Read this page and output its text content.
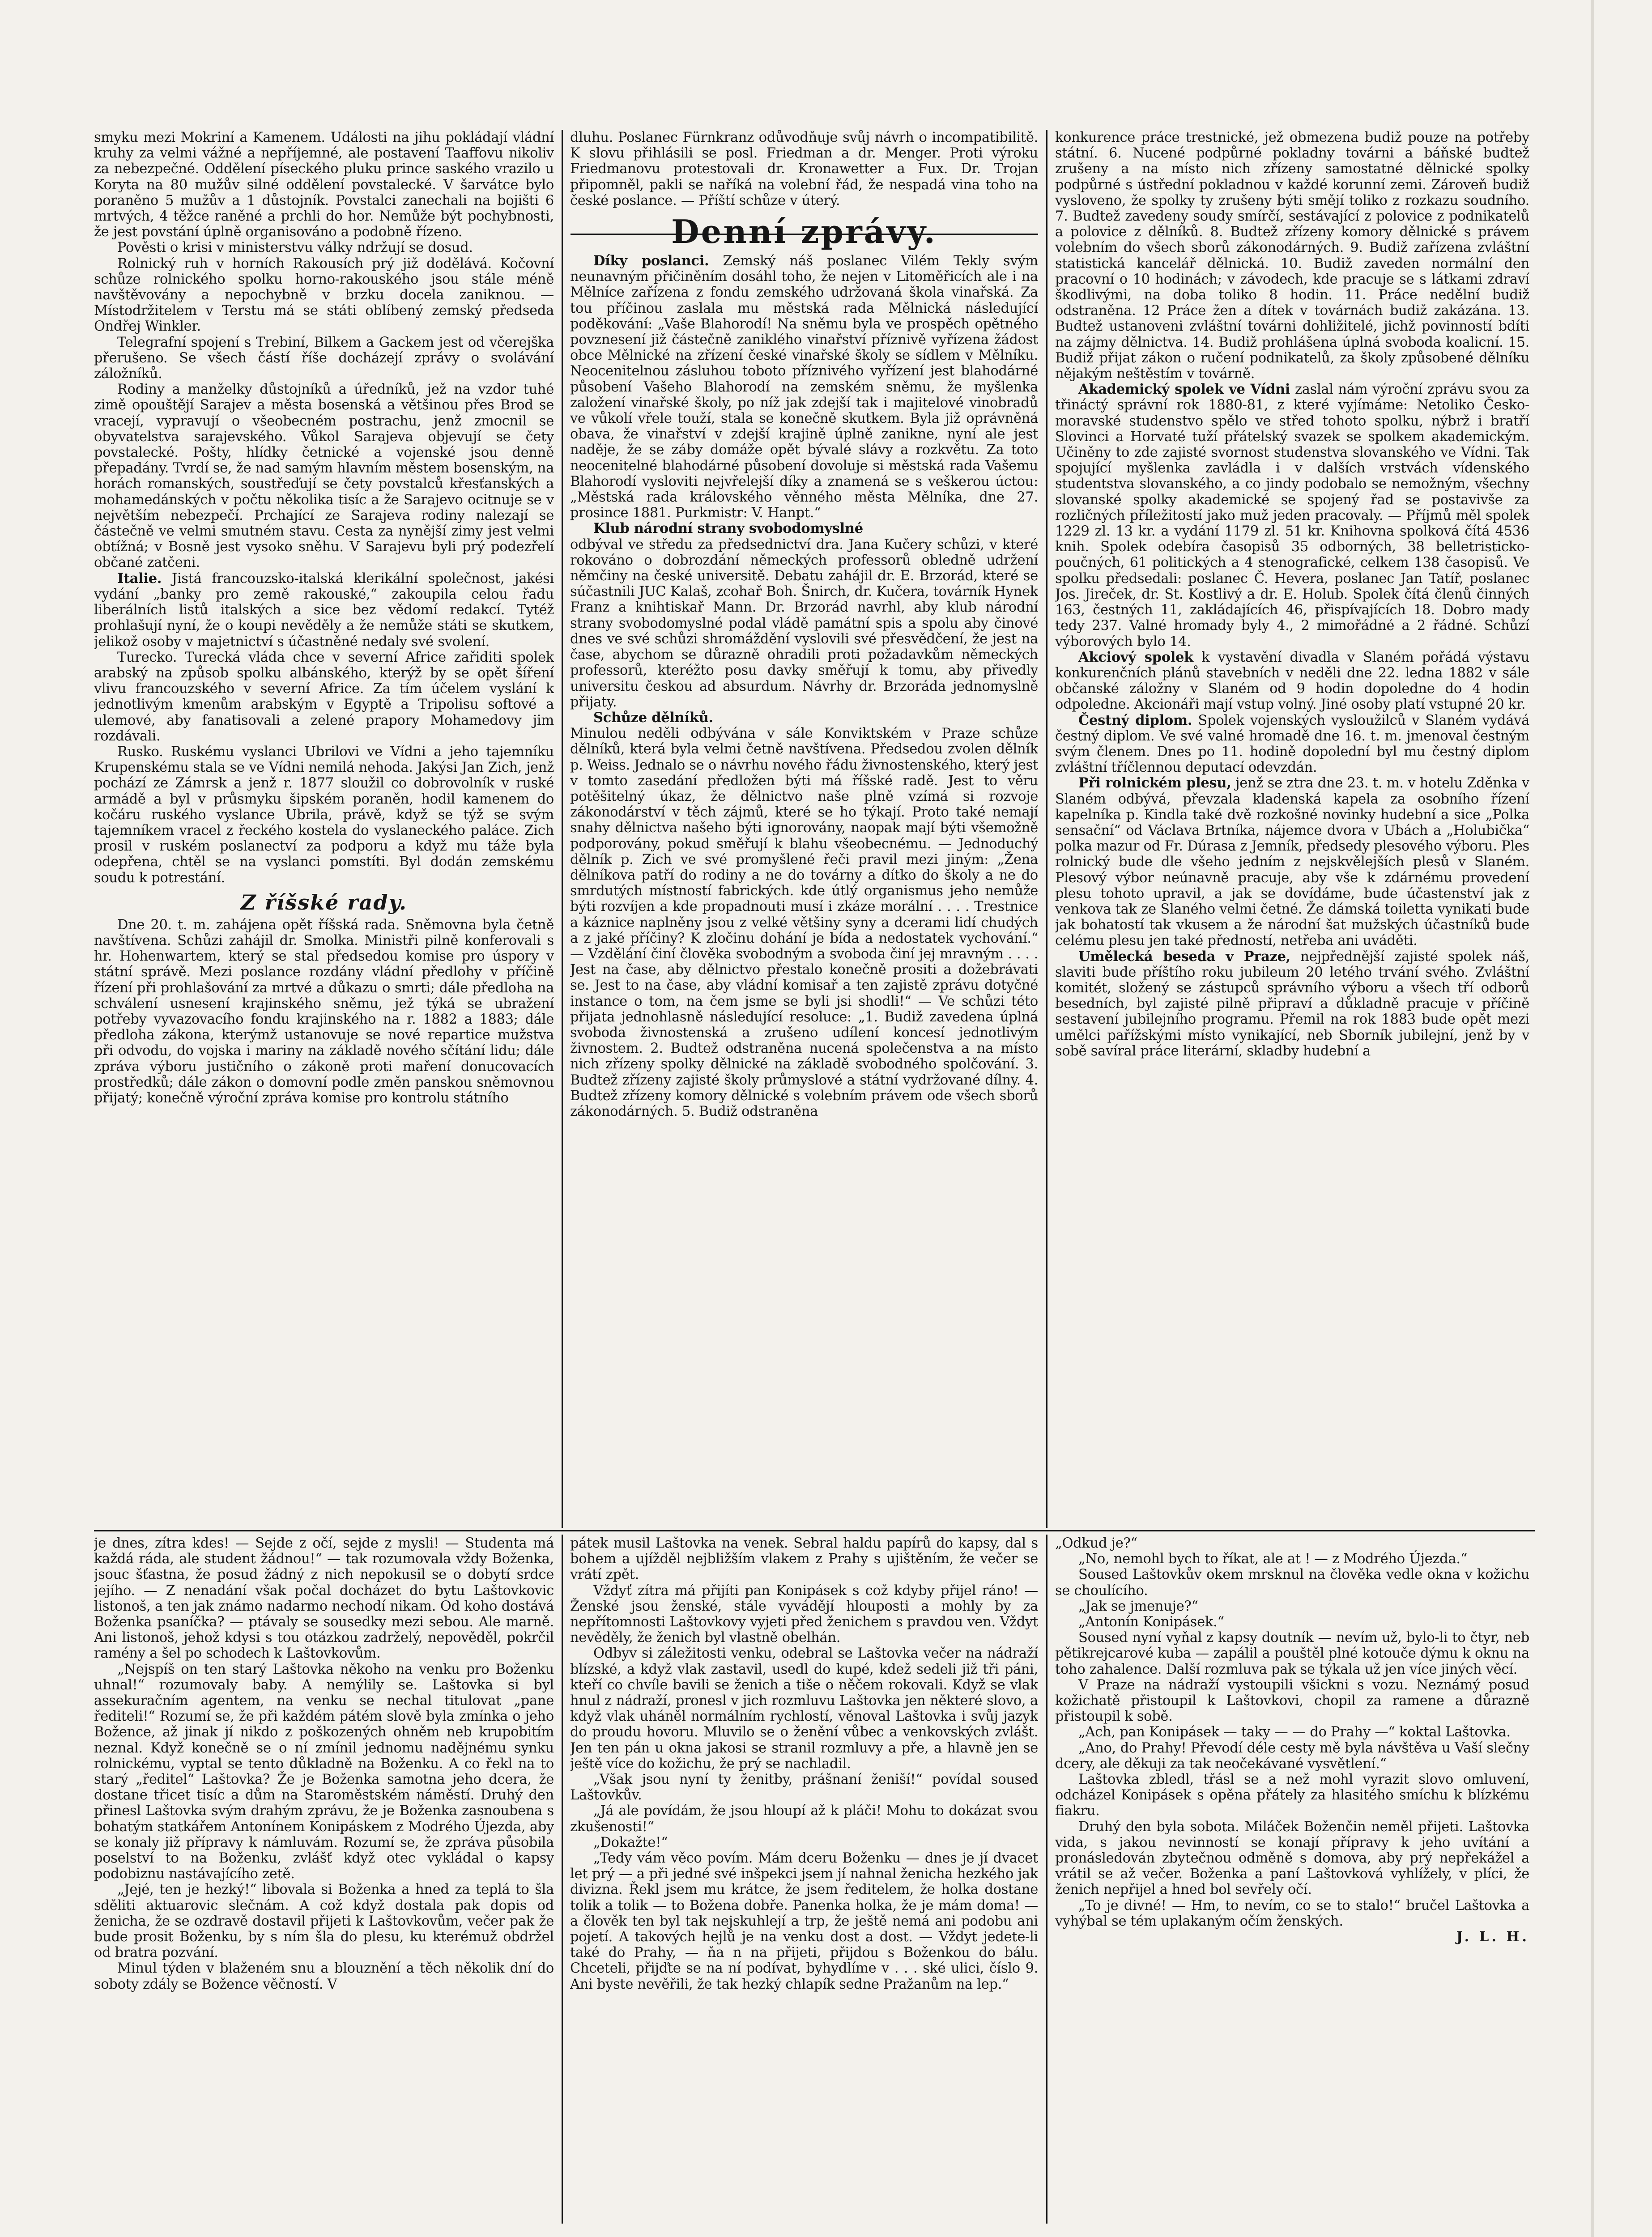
smyku mezi Mokriní a Kamenem. Události na jihu pokládají vládní kruhy za velmi vážné a nepříjemné, ale postavení Taaffovu nikoliv za nebezpečné. Oddělení píseckého pluku prince saského vrazilo u Koryta na 80 mužův silné oddělení povstalecké. V šarvátce bylo poraněno 5 mužův a 1 důstojník. Povstalci zanechali na bojišti 6 mrtvých, 4 těžce raněné a prchli do hor. Nemůže být pochybnosti, že jest povstání úplně organisováno a podobně řízeno.

Pověsti o krisi v ministerstvu války ndržují se dosud.

Rolnický ruh v horních Rakousích prý již dodělává. Kočovní schůze rolnického spolku horno-rakouského jsou stále méně navštěvovány a nepochybně v brzku docela zaniknou. — Místodržitelem v Terstu má se státi oblíbený zemský předseda Ondřej Winkler.

Telegrafní spojení s Trebiní, Bilkem a Gackem jest od včerejška přerušeno. Se všech částí říše docházejí zprávy o svolávání záložníků.

Rodiny a manželky důstojníků a úředníků, jež na vzdor tuhé zimě opouštějí Sarajev a města bosenská a většinou přes Brod se vracejí, vypravují o všeobecném postrachu, jenž zmocnil se obyvatelstva sarajevského. Vůkol Sarajeva objevují se čety povstalecké. Pošty, hlídky četnické a vojenské jsou denně přepadány. Tvrdí se, že nad samým hlavním městem bosenským, na horách romanských, soustřeďují se čety povstalců křesťanských a mohamedánských v počtu několika tisíc a že Sarajevo ocitnuje se v největším nebezpečí. Prchající ze Sarajeva rodiny nalezají se částečně ve velmi smutném stavu. Cesta za nynější zimy jest velmi obtížná; v Bosně jest vysoko sněhu. V Sarajevu byli prý podezřelí občané zatčeni.

Italie. Jistá francouzsko-italská klerikální společnost, jakési vydání „banky pro země rakouské,“ zakoupila celou řadu liberálních listů italských a sice bez vědomí redakcí. Tytéž prohlašují nyní, že o koupi nevěděly a že nemůže státi se skutkem, jelikož osoby v majetnictví s účastněné nedaly své svolení.

Turecko. Turecká vláda chce v severní Africe zařiditi spolek arabský na způsob spolku albánského, kterýž by se opět šíření vlivu francouzského v severní Africe. Za tím účelem vyslání k jednotlivým kmenům arabským v Egyptě a Tripolisu softové a ulemové, aby fanatisovali a zelené prapory Mohamedovy jim rozdávali.

Rusko. Ruskému vyslanci Ubrilovi ve Vídni a jeho tajemníku Krupenskému stala se ve Vídni nemilá nehoda. Jakýsi Jan Zich, jenž pochází ze Zámrsk a jenž r. 1877 sloužil co dobrovolník v ruské armádě a byl v průsmyku šipském poraněn, hodil kamenem do kočáru ruského vyslance Ubrila, právě, když se týž se svým tajemníkem vracel z řeckého kostela do vyslaneckého paláce. Zich prosil v ruském poslanectví za podporu a když mu táže byla odepřena, chtěl se na vyslanci pomstíti. Byl dodán zemskému soudu k potrestání.

Z říšské rady.

Dne 20. t. m. zahájena opět říšská rada. Sněmovna byla četně navštívena. Schůzi zahájil dr. Smolka. Ministři pilně konferovali s hr. Hohenwartem, který se stal předsedou komise pro úspory v státní správě. Mezi poslance rozdány vládní předlohy v příčině řízení při prohlašování za mrtvé a důkazu o smrti; dále předloha na schválení usnesení krajinského sněmu, jež týká se ubražení potřeby vyvazovacího fondu krajinského na r. 1882 a 1883; dále předloha zákona, kterýmž ustanovuje se nové repartice mužstva při odvodu, do vojska i mariny na základě nového sčítání lidu; dále zpráva výboru justičního o zákoně proti maření donucovacích prostředků; dále zákon o domovní podle změn panskou sněmovnou přijatý; konečně výroční zpráva komise pro kontrolu státního

dluhu. Poslanec Fürnkranz odůvodňuje svůj návrh o incompatibilitě. K slovu přihlásili se posl. Friedman a dr. Menger. Proti výroku Friedmanovu protestovali dr. Kronawetter a Fux. Dr. Trojan připomněl, pakli se naříká na volební řád, že nespadá vina toho na české poslance. — Příští schůze v úterý.

Denní zprávy.

Díky poslanci. Zemský náš poslanec Vilém Tekly svým neunavným přičiněním dosáhl toho, že nejen v Litoměřicích ale i na Mělníce zařízena z fondu zemského udržovaná škola vinařská. Za tou příčinou zaslala mu městská rada Mělnická následující poděkování: „Vaše Blahorodí! Na sněmu byla ve prospěch opětného povznesení již částečně zaniklého vinařství příznivě vyřízena žádost obce Mělnické na zřízení české vinařské školy se sídlem v Mělníku. Neocenitelnou zásluhou toboto příznivého vyřízení jest blahodárné působení Vašeho Blahorodí na zemském sněmu, že myšlenka založení vinařské školy, po níž jak zdejší tak i majitelové vinobradů ve vůkolí vřele touží, stala se konečně skutkem. Byla již oprávněná obava, že vinařství v zdejší krajině úplně zanikne, nyní ale jest naděje, že se záby domáže opět bývalé slávy a rozkvětu. Za toto neocenitelné blahodárné působení dovoluje si městská rada Vašemu Blahorodí vysloviti nejvřelejší díky a znamená se s veškerou úctou: „Městská rada královského věnného města Mělníka, dne 27. prosince 1881. Purkmistr: V. Hanpt.“

Klub národní strany svobodomyslné

odbýval ve středu za předsednictví dra. Jana Kučery schůzi, v které rokováno o dobrozdání německých professorů obledně udržení němčiny na české universitě. Debatu zahájil dr. E. Brzorád, které se súčastnili JUC Kalaš, zcohař Boh. Šnirch, dr. Kučera, továrník Hynek Franz a knihtiskař Mann. Dr. Brzorád navrhl, aby klub národní strany svobodomyslné podal vládě památní spis a spolu aby činové dnes ve své schůzi shromáždění vyslovili své přesvědčení, že jest na čase, abychom se důrazně ohradili proti požadavkům německých professorů, kteréžto posu davky směřují k tomu, aby přivedly universitu českou ad absurdum. Návrhy dr. Brzoráda jednomyslně přijaty.

Schůze dělníků.

Minulou neděli odbývána v sále Konviktském v Praze schůze dělníků, která byla velmi četně navštívena. Předsedou zvolen dělník p. Weiss. Jednalo se o návrhu nového řádu živnostenského, který jest v tomto zasedání předložen býti má říšské radě. Jest to věru potěšitelný úkaz, že dělnictvo naše plně vzímá si rozvoje zákonodárství v těch zájmů, které se ho týkají. Proto také nemají snahy dělnictva našeho býti ignorovány, naopak mají býti všemožně podporovány, pokud směřují k blahu všeobecnému. — Jednoduchý dělník p. Zich ve své promyšlené řeči pravil mezi jiným: „Žena dělníkova patří do rodiny a ne do továrny a dítko do školy a ne do smrdutých místností fabrických. kde útlý organismus jeho nemůže býti rozvíjen a kde propadnouti musí i zkáze morální . . . . Trestnice a káznice naplněny jsou z velké většiny syny a dcerami lidí chudých a z jaké příčiny? K zločinu dohání je bída a nedostatek vychování.“ — Vzdělání činí člověka svobodným a svoboda činí jej mravným . . . . Jest na čase, aby dělnictvo přestalo konečně prositi a dožebrávati se. Jest to na čase, aby vládní komisař a ten zajistě zprávu dotyčné instance o tom, na čem jsme se byli jsi shodli!“ — Ve schůzi této přijata jednohlasně následující resoluce: „1. Budiž zavedena úplná svoboda živnostenská a zrušeno udílení koncesí jednotlivým živnostem. 2. Budtež odstraněna nucená společenstva a na místo nich zřízeny spolky dělnické na základě svobodného spolčování. 3. Budtež zřízeny zajisté školy průmyslové a státní vydržované dílny. 4. Budtež zřízeny komory dělnické s volebním právem ode všech sborů zákonodárných. 5. Budiž odstraněna

konkurence práce trestnické, jež obmezena budiž pouze na potřeby státní. 6. Nucené podpůrné pokladny továrni a báňské budtež zrušeny a na místo nich zřízeny samostatné dělnické spolky podpůrné s ústřední pokladnou v každé korunní zemi. Zároveň budiž vysloveno, že spolky ty zrušeny býti smějí toliko z rozkazu soudního. 7. Budtež zavedeny soudy smírčí, sestávající z polovice z podnikatelů a polovice z dělníků. 8. Budtež zřízeny komory dělnické s právem volebním do všech sborů zákonodárných. 9. Budiž zařízena zvláštní statistická kancelář dělnická. 10. Budiž zaveden normální den pracovní o 10 hodinách; v závodech, kde pracuje se s látkami zdraví škodlivými, na doba toliko 8 hodin. 11. Práce nedělní budiž odstraněna. 12 Práce žen a dítek v továrnách budiž zakázána. 13. Budtež ustanoveni zvláštní továrni dohližitelé, jichž povinností bdíti na zájmy dělnictva. 14. Budiž prohlášena úplná svoboda koalicní. 15. Budiž přijat zákon o ručení podnikatelů, za školy způsobené dělníku nějakým neštěstím v továrně.

Akademický spolek ve Vídni zaslal nám výroční zprávu svou za třináctý správní rok 1880-81, z které vyjímáme: Netoliko Česko-moravské studenstvo spělo ve střed tohoto spolku, nýbrž i bratří Slovinci a Horvaté tuží přátelský svazek se spolkem akademickým. Učiněny to zde zajisté svornost studenstva slovanského ve Vídni. Tak spojující myšlenka zavládla i v dalších vrstvách vídenského studentstva slovanského, a co jindy podobalo se nemožným, všechny slovanské spolky akademické se spojený řad se postavivše za rozličných příležitostí jako muž jeden pracovaly. — Příjmů měl spolek 1229 zl. 13 kr. a vydání 1179 zl. 51 kr. Knihovna spolková čítá 4536 knih. Spolek odebíra časopisů 35 odborných, 38 belletristicko-poučných, 61 politických a 4 stenografické, celkem 138 časopisů. Ve spolku předsedali: poslanec Č. Hevera, poslanec Jan Tatíř, poslanec Jos. Jireček, dr. St. Kostlivý a dr. E. Holub. Spolek čítá členů činných 163, čestných 11, zakládajících 46, přispívajících 18. Dobro mady tedy 237. Valné hromady byly 4., 2 mimořádné a 2 řádné. Schůzí výborových bylo 14.

Akciový spolek k vystavění divadla v Slaném pořádá výstavu konkurenčních plánů stavebních v neděli dne 22. ledna 1882 v sále občanské záložny v Slaném od 9 hodin dopoledne do 4 hodin odpoledne. Akcionáři mají vstup volný. Jiné osoby platí vstupné 20 kr.

Čestný diplom. Spolek vojenských vysloužilců v Slaném vydává čestný diplom. Ve své valné hromadě dne 16. t. m. jmenoval čestným svým členem. Dnes po 11. hodině dopolední byl mu čestný diplom zvláštní tříčlennou deputací odevzdán.

Při rolnickém plesu, jenž se ztra dne 23. t. m. v hotelu Zděnka v Slaném odbývá, převzala kladenská kapela za osobního řízení kapelníka p. Kindla také dvě rozkošné novinky hudební a sice „Polka sensační“ od Václava Brtníka, nájemce dvora v Ubách a „Holubička“ polka mazur od Fr. Dúrasa z Jemník, předsedy plesového výboru. Ples rolnický bude dle všeho jedním z nejskvělejších plesů v Slaném. Plesový výbor neúnavně pracuje, aby vše k zdárnému provedení plesu tohoto upravil, a jak se dovídáme, bude účastenství jak z venkova tak ze Slaného velmi četné. Že dámská toiletta vynikati bude jak bohatostí tak vkusem a že národní šat mužských účastníků bude celému plesu jen také předností, netřeba ani uváděti.

Umělecká beseda v Praze, nejpřednější zajisté spolek náš, slaviti bude příštího roku jubileum 20 letého trvání svého. Zvláštní komitét, složený se zástupců správního výboru a všech tří odborů besedních, byl zajisté pilně připraví a důkladně pracuje v příčině sestavení jubilejního programu. Přemil na rok 1883 bude opět mezi umělci pařížskými místo vynikající, neb Sborník jubilejní, jenž by v sobě savíral práce literární, skladby hudební a

je dnes, zítra kdes! — Sejde z očí, sejde z mysli! — Studenta má každá ráda, ale student žádnou!“ — tak rozumovala vždy Boženka, jsouc šťastna, že posud žádný z nich nepokusil se o dobytí srdce jejího. — Z nenadání však počal docházet do bytu Laštovkovic listonoš, a ten jak známo nadarmo nechodí nikam. Od koho dostává Boženka psaníčka? — ptávaly se sousedky mezi sebou. Ale marně. Ani listonoš, jehož kdysi s tou otázkou zadrželý, nepověděl, pokrčil ramény a šel po schodech k Laštovkovům.

„Nejspíš on ten starý Laštovka někoho na venku pro Boženku uhnal!“ rozumovaly baby. A nemýlily se. Laštovka si byl assekuračním agentem, na venku se nechal titulovat „pane řediteli!“ Rozumí se, že při každém pátém slově byla zmínka o jeho Božence, až jinak jí nikdo z poškozených ohněm neb krupobitím neznal. Když konečně se o ní zmínil jednomu nadějnému synku rolnickému, vyptal se tento důkladně na Boženku. A co řekl na to starý „ředitel“ Laštovka? Že je Boženka samotna jeho dcera, že dostane třicet tisíc a dům na Staroměstském náměstí. Druhý den přinesl Laštovka svým drahým zprávu, že je Boženka zasnoubena s bohatým statkářem Antonínem Konipáskem z Modrého Újezda, aby se konaly již přípravy k námluvám. Rozumí se, že zpráva působila poselství to na Boženku, zvlášť když otec vykládal o kapsy podobiznu nastávajícího zetě.

„Jejé, ten je hezký!“ libovala si Boženka a hned za teplá to šla sděliti aktuarovic slečnám. A což když dostala pak dopis od ženicha, že se ozdravě dostavil přijeti k Laštovkovům, večer pak že bude prosit Boženku, by s ním šla do plesu, ku kterémuž obdržel od bratra pozvání.

Minul týden v blaženém snu a blouznění a těch několik dní do soboty zdály se Božence věčností. V

pátek musil Laštovka na venek. Sebral haldu papírů do kapsy, dal s bohem a ujížděl nejbližším vlakem z Prahy s ujištěním, že večer se vrátí zpět.

Vždyť zítra má přijíti pan Konipásek s což kdyby přijel ráno! — Ženské jsou ženské, stále vyvádějí hlouposti a mohly by za nepřítomnosti Laštovkovy vyjeti před ženichem s pravdou ven. Vždyt nevěděly, že ženich byl vlastně obelhán.

Odbyv si záležitosti venku, odebral se Laštovka večer na nádraží blízské, a když vlak zastavil, usedl do kupé, kdež sedeli již tři páni, kteří co chvíle bavili se ženich a tiše o něčem rokovali. Když se vlak hnul z nádraží, pronesl v jich rozmluvu Laštovka jen některé slovo, a když vlak uháněl normálním rychlostí, věnoval Laštovka i svůj jazyk do proudu hovoru. Mluvilo se o ženění vůbec a venkovských zvlášt. Jen ten pán u okna jakosi se stranil rozmluvy a pře, a hlavně jen se ještě více do kožichu, že prý se nachladil.

„Však jsou nyní ty ženitby, prášnaní ženiší!“ povídal soused Laštovkův.

„Já ale povídám, že jsou hloupí až k pláči! Mohu to dokázat svou zkušenosti!“

„Dokažte!“

„Tedy vám věco povím. Mám dceru Boženku — dnes je jí dvacet let prý — a při jedné své inšpekci jsem jí nahnal ženicha hezkého jak divizna. Řekl jsem mu krátce, že jsem ředitelem, že holka dostane tolik a tolik — to Božena dobře. Panenka holka, že je mám doma! — a člověk ten byl tak nejskuhlejí a trp, že ještě nemá ani podobu ani pojetí. A takových hejlů je na venku dost a dost. — Vždyt jedete-li také do Prahy, — ňa n na přijeti, přijdou s Boženkou do bálu. Chceteli, přijďte se na ní podívat, byhydlíme v . . . ské ulici, číslo 9. Ani byste nevěřili, že tak hezký chlapík sedne Pražanům na lep.“

„Odkud je?“

„No, nemohl bych to říkat, ale at ! — z Modrého Újezda.“

Soused Laštovkův okem mrsknul na člověka vedle okna v kožichu se choulícího.

„Jak se jmenuje?“

„Antonín Konipásek.“

Soused nyní vyňal z kapsy doutník — nevím už, bylo-li to čtyr, neb pětikrejcarové kuba — zapálil a pouštěl plné kotouče dýmu k oknu na toho zahalence. Další rozmluva pak se týkala už jen více jiných věcí.

V Praze na nádraží vystoupili všickni s vozu. Neznámý posud kožichatě přistoupil k Laštovkovi, chopil za ramene a důrazně přistoupil k sobě.

„Ach, pan Konipásek — taky — — do Prahy —“ koktal Laštovka.

„Ano, do Prahy! Převodí déle cesty mě byla návštěva u Vaší slečny dcery, ale děkuji za tak neočekávané vysvětlení.“

Laštovka zbledl, třásl se a než mohl vyrazit slovo omluvení, odcházel Konipásek s opěna přátely za hlasitého smíchu k blízkému fiakru.

Druhý den byla sobota. Miláček Boženčin neměl přijeti. Laštovka vida, s jakou nevinností se konají přípravy k jeho uvítání a pronásledován zbytečnou odměně s domova, aby prý nepřekážel a vrátil se až večer. Boženka a paní Laštovková vyhlížely, v plíci, že ženich nepřijel a hned bol sevřely očí.

„To je divné! — Hm, to nevím, co se to stalo!“ bručel Laštovka a vyhýbal se tém uplakaným očím ženských.

J. L. H.
